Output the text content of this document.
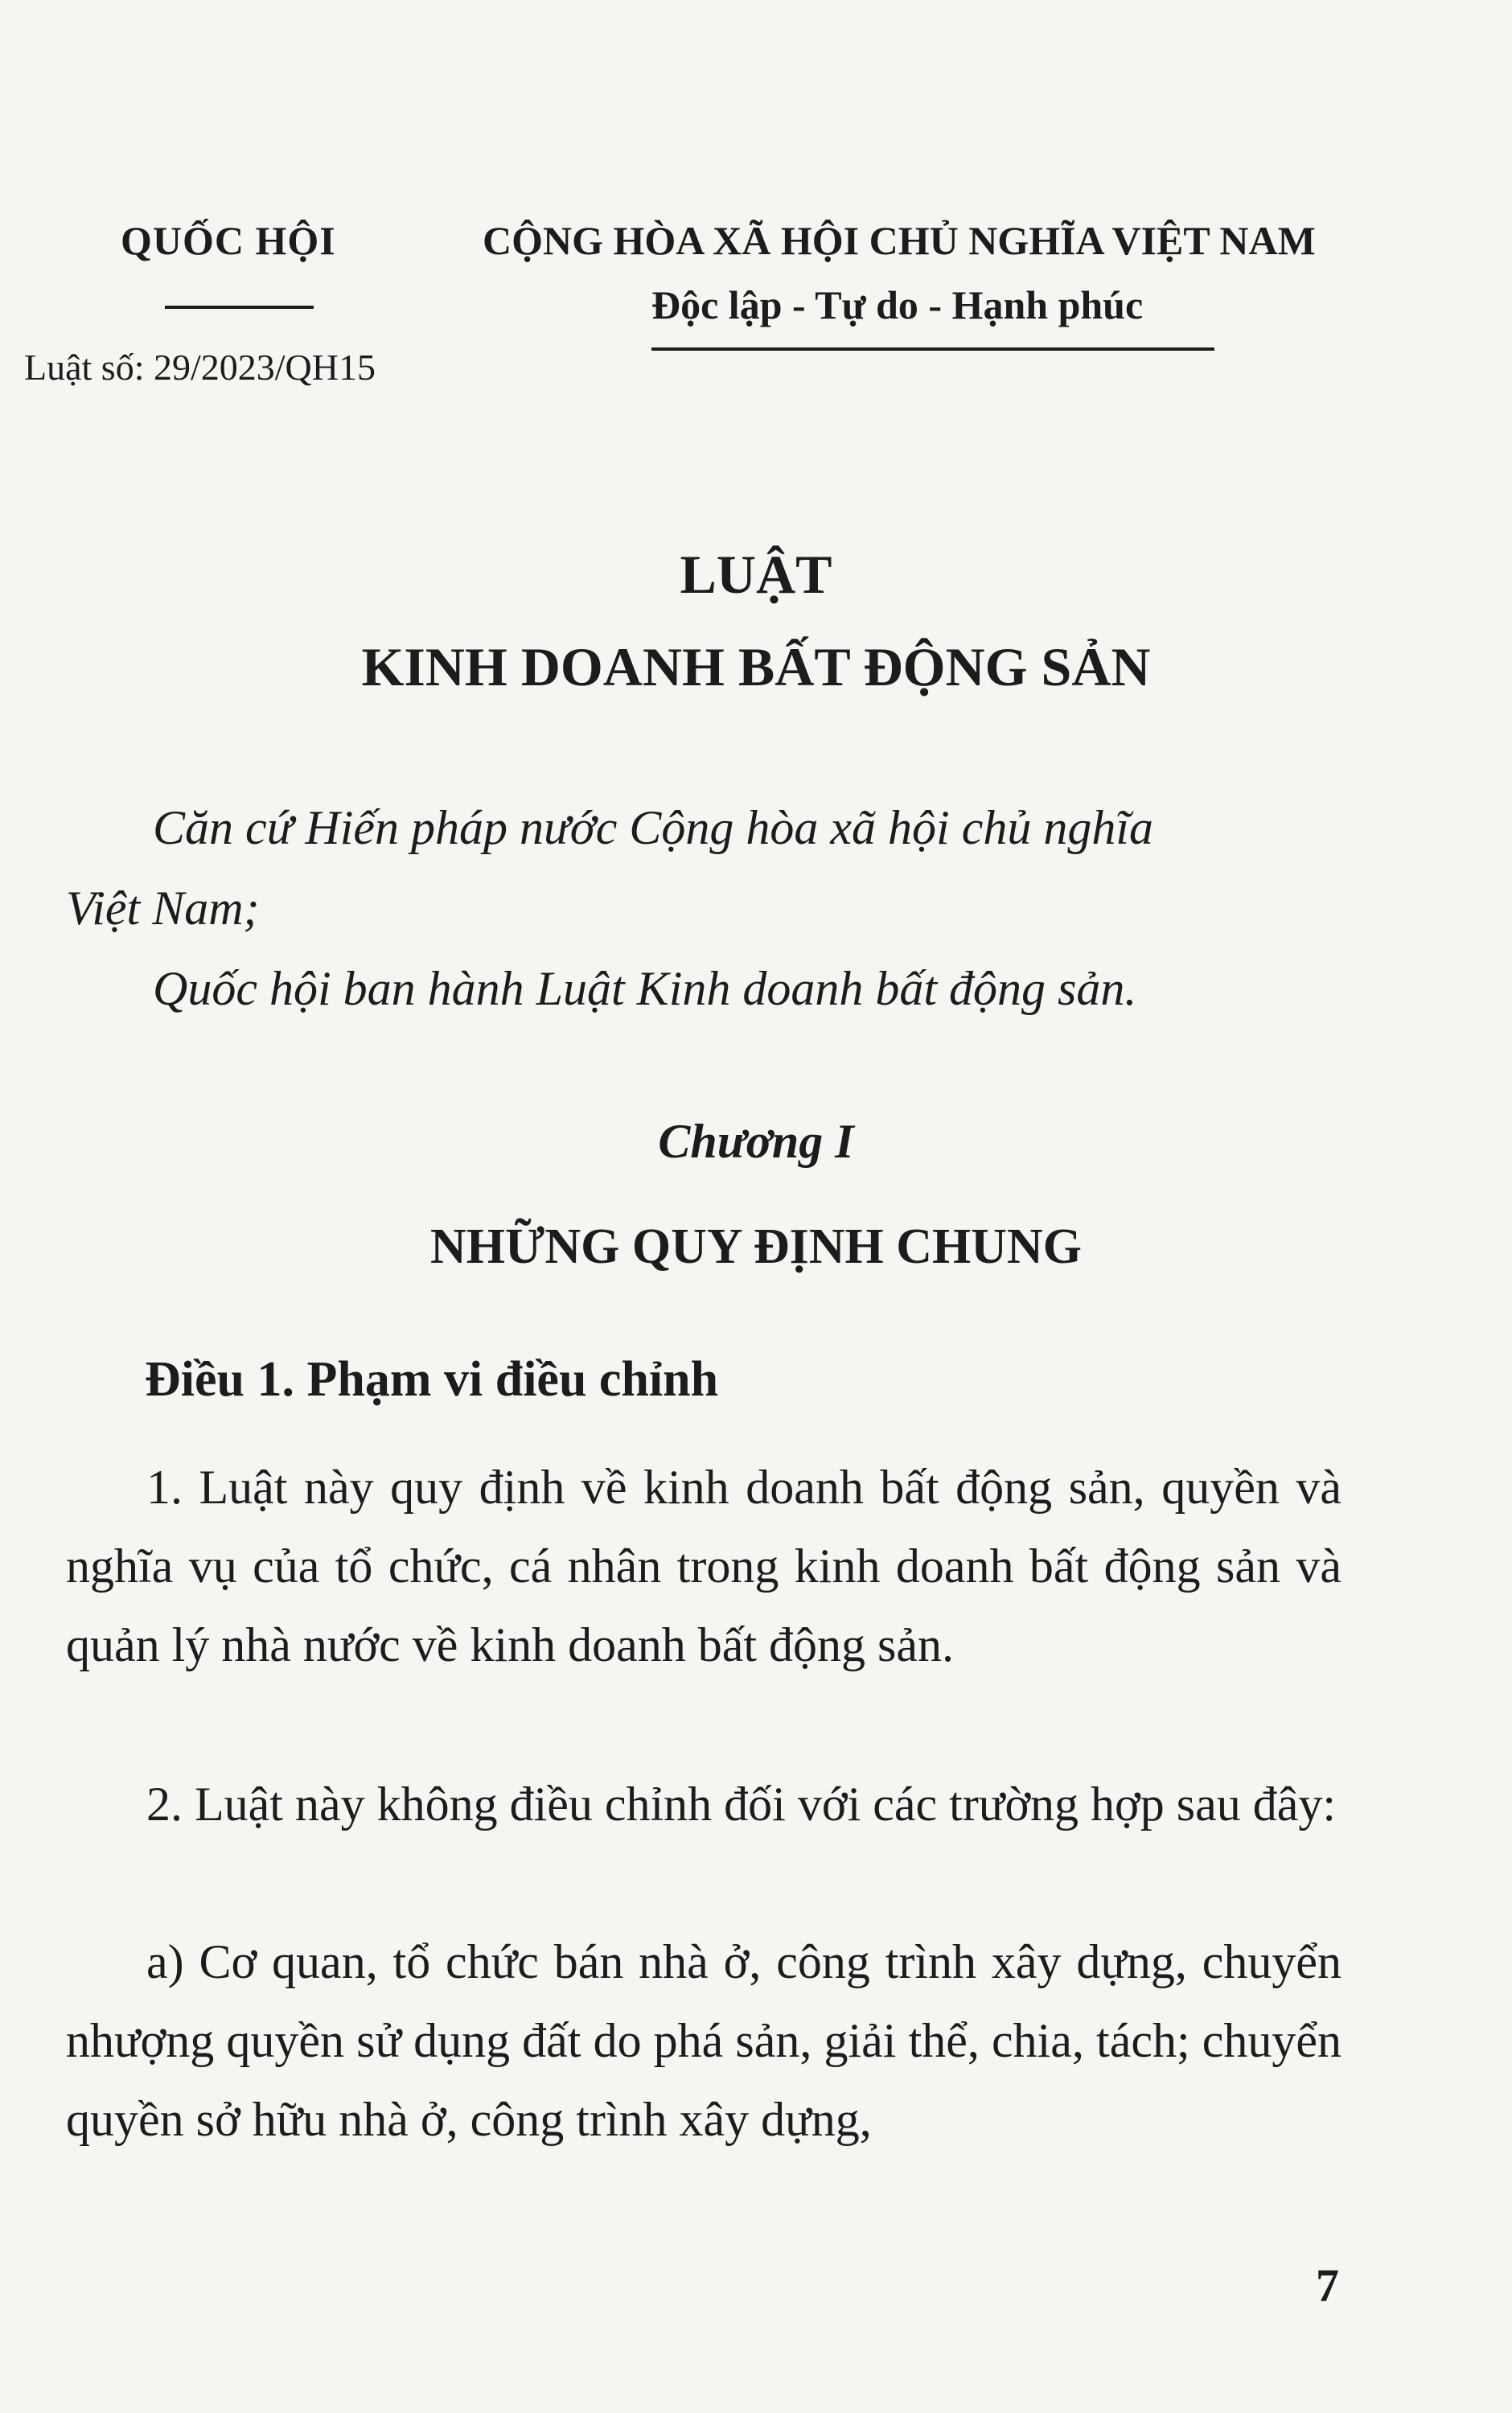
QUỐC HỘI
Luật số: 29/2023/QH15
CỘNG HÒA XÃ HỘI CHỦ NGHĨA VIỆT NAM
Độc lập - Tự do - Hạnh phúc
LUẬT
KINH DOANH BẤT ĐỘNG SẢN
Căn cứ Hiến pháp nước Cộng hòa xã hội chủ nghĩa
Việt Nam;
Quốc hội ban hành Luật Kinh doanh bất động sản.
Chương I
NHỮNG QUY ĐỊNH CHUNG
Điều 1. Phạm vi điều chỉnh
1. Luật này quy định về kinh doanh bất động sản, quyền và nghĩa vụ của tổ chức, cá nhân trong kinh doanh bất động sản và quản lý nhà nước về kinh doanh bất động sản.
2. Luật này không điều chỉnh đối với các trường hợp sau đây:
a) Cơ quan, tổ chức bán nhà ở, công trình xây dựng, chuyển nhượng quyền sử dụng đất do phá sản, giải thể, chia, tách; chuyển quyền sở hữu nhà ở, công trình xây dựng,
7
